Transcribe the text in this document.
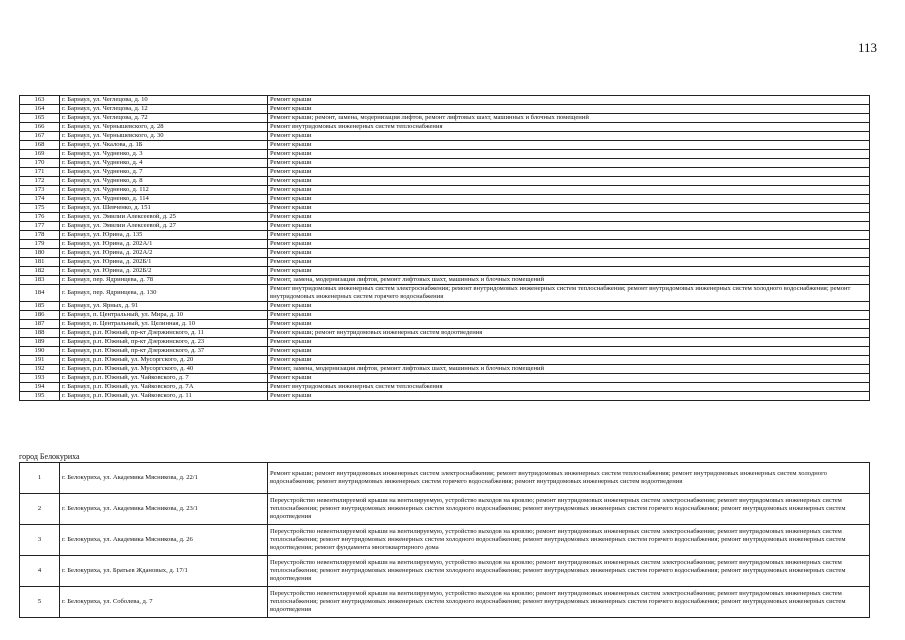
113
163	г. Барнаул, ул. Чеглецова, д. 10	Ремонт крыши
164	г. Барнаул, ул. Чеглецова, д. 12	Ремонт крыши
165	г. Барнаул, ул. Чеглецова, д. 72	Ремонт крыши; ремонт, замена, модернизация лифтов, ремонт лифтовых шахт, машинных и блочных помещений
166	г. Барнаул, ул. Чернышевского, д. 28	Ремонт внутридомовых инженерных систем теплоснабжения
167	г. Барнаул, ул. Чернышевского, д. 30	Ремонт крыши
168	г. Барнаул, ул. Чкалова, д. 1Б	Ремонт крыши
169	г. Барнаул, ул. Чудненко, д. 3	Ремонт крыши
170	г. Барнаул, ул. Чудненко, д. 4	Ремонт крыши
171	г. Барнаул, ул. Чудненко, д. 7	Ремонт крыши
172	г. Барнаул, ул. Чудненко, д. 8	Ремонт крыши
173	г. Барнаул, ул. Чудненко, д. 112	Ремонт крыши
174	г. Барнаул, ул. Чудненко, д. 114	Ремонт крыши
175	г. Барнаул, ул. Шевченко, д. 151	Ремонт крыши
176	г. Барнаул, ул. Эмилии Алексеевой, д. 25	Ремонт крыши
177	г. Барнаул, ул. Эмилии Алексеевой, д. 27	Ремонт крыши
178	г. Барнаул, ул. Юрина, д. 135	Ремонт крыши
179	г. Барнаул, ул. Юрина, д. 202А/1	Ремонт крыши
180	г. Барнаул, ул. Юрина, д. 202А/2	Ремонт крыши
181	г. Барнаул, ул. Юрина, д. 202Б/1	Ремонт крыши
182	г. Барнаул, ул. Юрина, д. 202Б/2	Ремонт крыши
183	г. Барнаул, пер. Ядринцева, д. 78	Ремонт, замена, модернизация лифтов, ремонт лифтовых шахт, машинных и блочных помещений
184	г. Барнаул, пер. Ядринцева, д. 130	Ремонт внутридомовых инженерных систем электроснабжения; ремонт внутридомовых инженерных систем теплоснабжения; ремонт внутридомовых инженерных систем холодного водоснабжения; ремонт внутридомовых инженерных систем горячего водоснабжения
185	г. Барнаул, ул. Ярных, д. 91	Ремонт крыши
186	г. Барнаул, п. Центральный, ул. Мира, д. 10	Ремонт крыши
187	г. Барнаул, п. Центральный, ул. Целинная, д. 10	Ремонт крыши
188	г. Барнаул, р.п. Южный, пр-кт Дзержинского, д. 11	Ремонт крыши; ремонт внутридомовых инженерных систем водоотведения
189	г. Барнаул, р.п. Южный, пр-кт Дзержинского, д. 23	Ремонт крыши
190	г. Барнаул, р.п. Южный, пр-кт Дзержинского, д. 37	Ремонт крыши
191	г. Барнаул, р.п. Южный, ул. Мусоргского, д. 20	Ремонт крыши
192	г. Барнаул, р.п. Южный, ул. Мусоргского, д. 40	Ремонт, замена, модернизация лифтов, ремонт лифтовых шахт, машинных и блочных помещений
193	г. Барнаул, р.п. Южный, ул. Чайковского, д. 7	Ремонт крыши
194	г. Барнаул, р.п. Южный, ул. Чайковского, д. 7А	Ремонт внутридомовых инженерных систем теплоснабжения
195	г. Барнаул, р.п. Южный, ул. Чайковского, д. 11	Ремонт крыши
город Белокуриха
1	г. Белокуриха, ул. Академика Мясникова, д. 22/1	Ремонт крыши; ремонт внутридомовых инженерных систем электроснабжения; ремонт внутридомовых инженерных систем теплоснабжения; ремонт внутридомовых инженерных систем холодного водоснабжения; ремонт внутридомовых инженерных систем горячего водоснабжения; ремонт внутридомовых инженерных систем водоотведения
2	г. Белокуриха, ул. Академика Мясникова, д. 23/1	Переустройство невентилируемой крыши на вентилируемую, устройство выходов на кровлю; ремонт внутридомовых инженерных систем электроснабжения; ремонт внутридомовых инженерных систем теплоснабжения; ремонт внутридомовых инженерных систем холодного водоснабжения; ремонт внутридомовых инженерных систем горячего водоснабжения; ремонт внутридомовых инженерных систем водоотведения
3	г. Белокуриха, ул. Академика Мясникова, д. 26	Переустройство невентилируемой крыши на вентилируемую, устройство выходов на кровлю; ремонт внутридомовых инженерных систем электроснабжения; ремонт внутридомовых инженерных систем теплоснабжения; ремонт внутридомовых инженерных систем холодного водоснабжения; ремонт внутридомовых инженерных систем горячего водоснабжения; ремонт внутридомовых инженерных систем водоотведения; ремонт фундамента многоквартирного дома
4	г. Белокуриха, ул. Братьев Ждановых, д. 17/1	Переустройство невентилируемой крыши на вентилируемую, устройство выходов на кровлю; ремонт внутридомовых инженерных систем электроснабжения; ремонт внутридомовых инженерных систем теплоснабжения; ремонт внутридомовых инженерных систем холодного водоснабжения; ремонт внутридомовых инженерных систем горячего водоснабжения; ремонт внутридомовых инженерных систем водоотведения
5	г. Белокуриха, ул. Соболева, д. 7	Переустройство невентилируемой крыши на вентилируемую, устройство выходов на кровлю; ремонт внутридомовых инженерных систем электроснабжения; ремонт внутридомовых инженерных систем теплоснабжения; ремонт внутридомовых инженерных систем холодного водоснабжения; ремонт внутридомовых инженерных систем горячего водоснабжения; ремонт внутридомовых инженерных систем водоотведения
